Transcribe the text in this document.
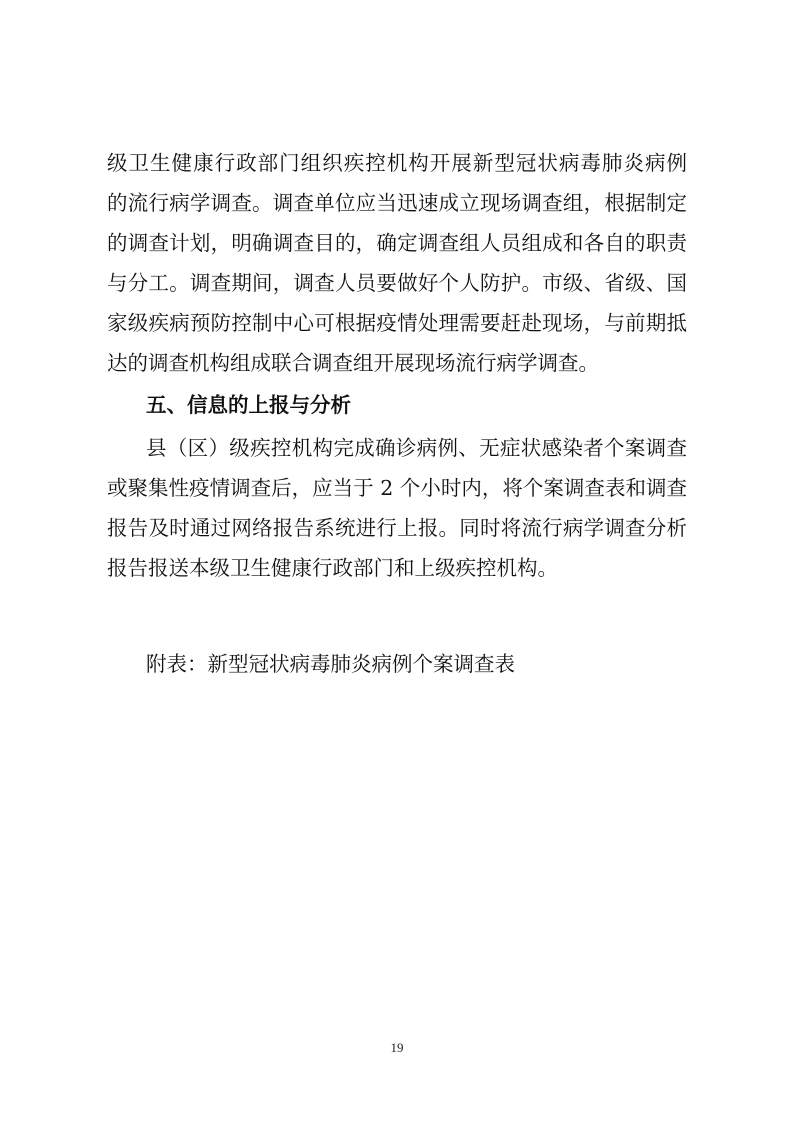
级卫生健康行政部门组织疾控机构开展新型冠状病毒肺炎病例
的流行病学调查。调查单位应当迅速成立现场调查组，根据制定
的调查计划，明确调查目的，确定调查组人员组成和各自的职责
与分工。调查期间，调查人员要做好个人防护。市级、省级、国
家级疾病预防控制中心可根据疫情处理需要赶赴现场，与前期抵
达的调查机构组成联合调查组开展现场流行病学调查。
五、信息的上报与分析
县（区）级疾控机构完成确诊病例、无症状感染者个案调查
或聚集性疫情调查后，应当于 2 个小时内，将个案调查表和调查
报告及时通过网络报告系统进行上报。同时将流行病学调查分析
报告报送本级卫生健康行政部门和上级疾控机构。
附表：新型冠状病毒肺炎病例个案调查表
19
